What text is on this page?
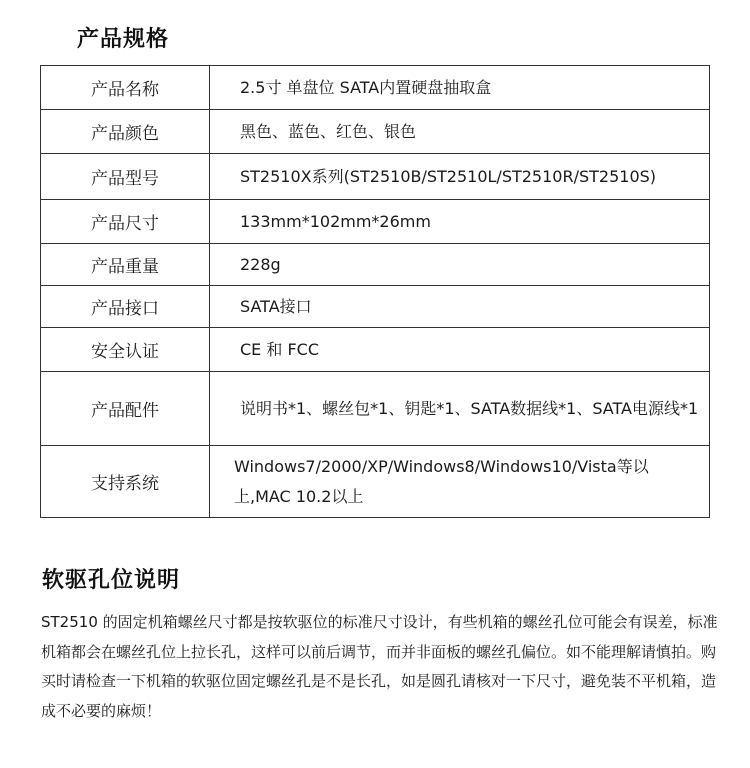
产品规格
产品名称	2.5寸 单盘位 SATA内置硬盘抽取盒
产品颜色	黑色、蓝色、红色、银色
产品型号	ST2510X系列(ST2510B/ST2510L/ST2510R/ST2510S)
产品尺寸	133mm*102mm*26mm
产品重量	228g
产品接口	SATA接口
安全认证	CE 和 FCC
产品配件	说明书*1、螺丝包*1、钥匙*1、SATA数据线*1、SATA电源线*1
支持系统	Windows7/2000/XP/Windows8/Windows10/Vista等以上,MAC 10.2以上
软驱孔位说明

ST2510 的固定机箱螺丝尺寸都是按软驱位的标准尺寸设计，有些机箱的螺丝孔位可能会有误差，标准机箱都会在螺丝孔位上拉长孔，这样可以前后调节，而并非面板的螺丝孔偏位。如不能理解请慎拍。购买时请检查一下机箱的软驱位固定螺丝孔是不是长孔，如是圆孔请核对一下尺寸，避免装不平机箱，造成不必要的麻烦！
